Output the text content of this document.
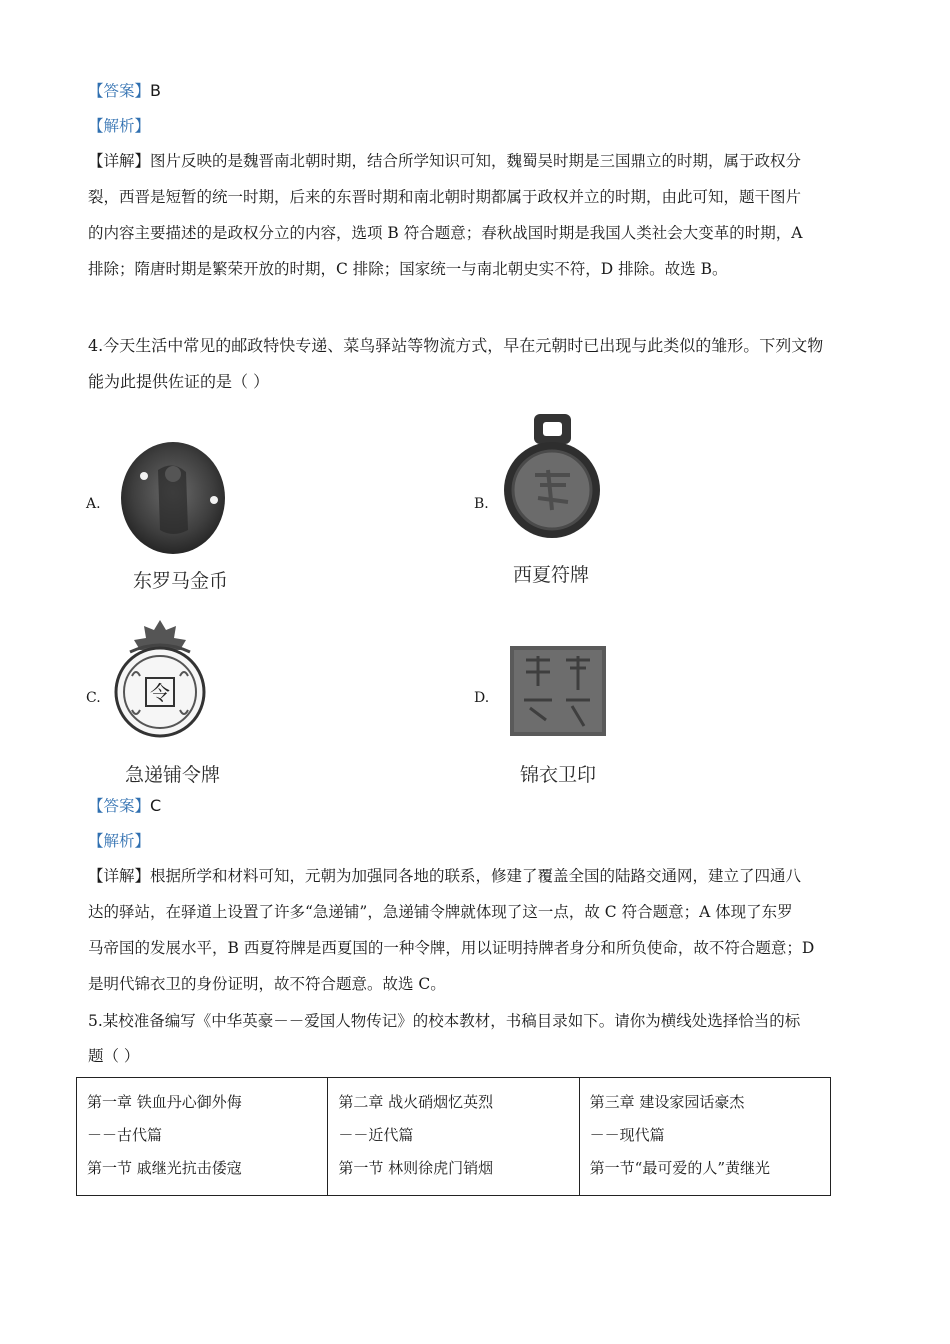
【答案】B
【解析】
【详解】图片反映的是魏晋南北朝时期，结合所学知识可知，魏蜀吴时期是三国鼎立的时期，属于政权分
裂，西晋是短暂的统一时期，后来的东晋时期和南北朝时期都属于政权并立的时期，由此可知，题干图片
的内容主要描述的是政权分立的内容，选项 B 符合题意；春秋战国时期是我国人类社会大变革的时期，A
排除；隋唐时期是繁荣开放的时期，C 排除；国家统一与南北朝史实不符，D 排除。故选 B。
4.今天生活中常见的邮政特快专递、菜鸟驿站等物流方式，早在元朝时已出现与此类似的雏形。下列文物
能为此提供佐证的是（ ）
A.
东罗马金币
B.
西夏符牌
C. 令
急递铺令牌
D.
锦衣卫印
【答案】C
【解析】
【详解】根据所学和材料可知，元朝为加强同各地的联系，修建了覆盖全国的陆路交通网，建立了四通八
达的驿站，在驿道上设置了许多“急递铺”，急递铺令牌就体现了这一点，故 C 符合题意；A 体现了东罗
马帝国的发展水平，B 西夏符牌是西夏国的一种令牌，用以证明持牌者身分和所负使命，故不符合题意；D
是明代锦衣卫的身份证明，故不符合题意。故选 C。
5.某校准备编写《中华英豪－－爱国人物传记》的校本教材，书稿目录如下。请你为横线处选择恰当的标
题（ ）
第一章 铁血丹心御外侮
－－古代篇
第一节 戚继光抗击倭寇

第二章 战火硝烟忆英烈
－－近代篇
第一节 林则徐虎门销烟

第三章 建设家园话豪杰
－－现代篇
第一节“最可爱的人”黄继光
